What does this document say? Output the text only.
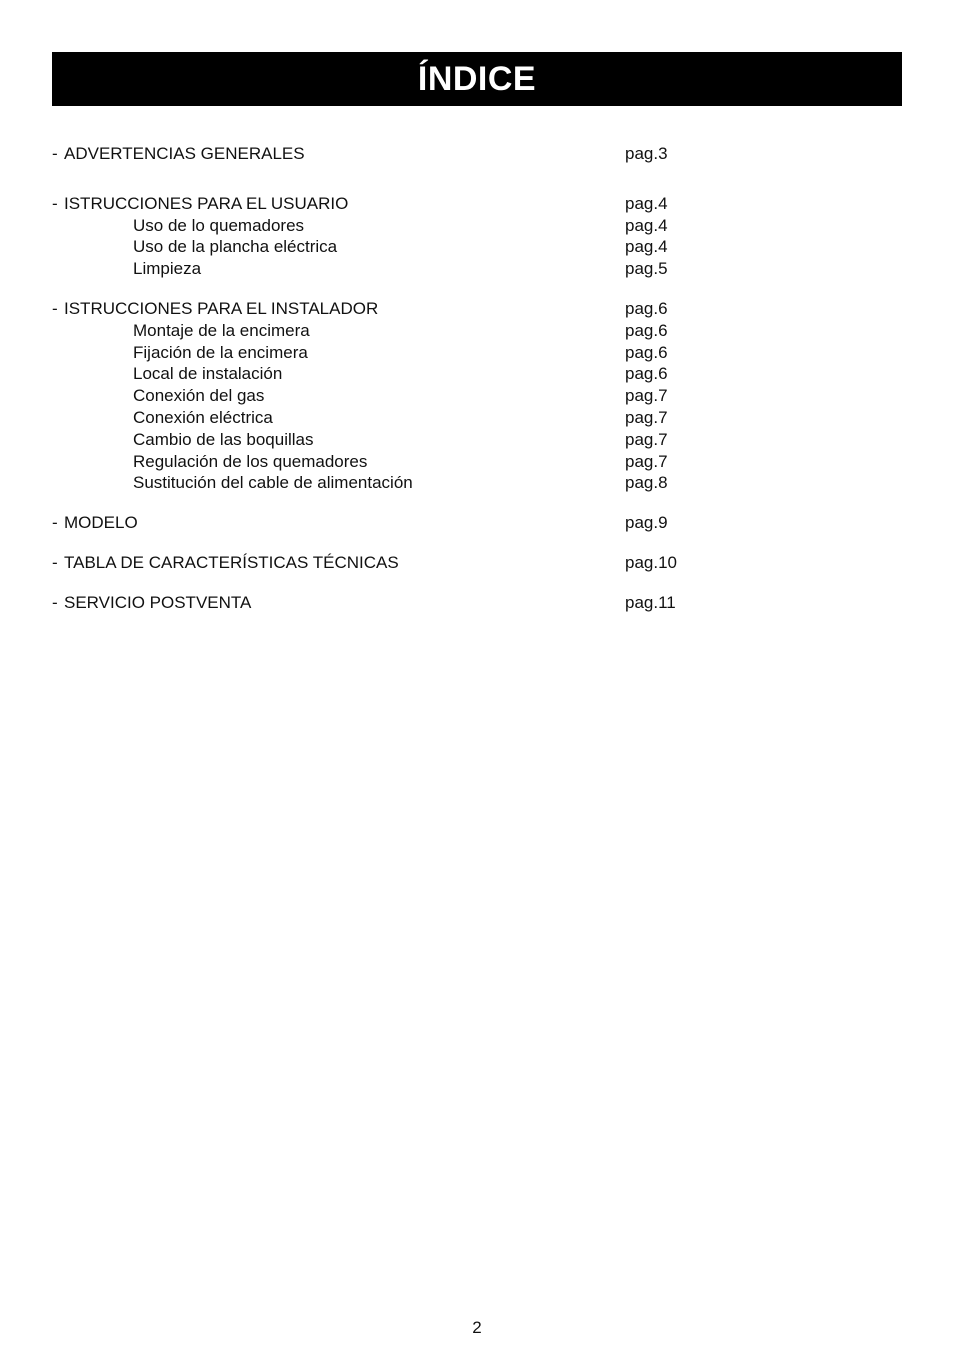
ÍNDICE
- ADVERTENCIAS GENERALES	pag.3
- ISTRUCCIONES PARA EL USUARIO	pag.4
Uso de lo quemadores	pag.4
Uso de la plancha eléctrica	pag.4
Limpieza	pag.5
- ISTRUCCIONES PARA EL INSTALADOR	pag.6
Montaje de la encimera	pag.6
Fijación de la encimera	pag.6
Local de instalación	pag.6
Conexión del gas	pag.7
Conexión eléctrica	pag.7
Cambio de las boquillas	pag.7
Regulación de los quemadores	pag.7
Sustitución del cable de alimentación	pag.8
- MODELO	pag.9
- TABLA DE CARACTERÍSTICAS TÉCNICAS	pag.10
- SERVICIO POSTVENTA	pag.11
2
